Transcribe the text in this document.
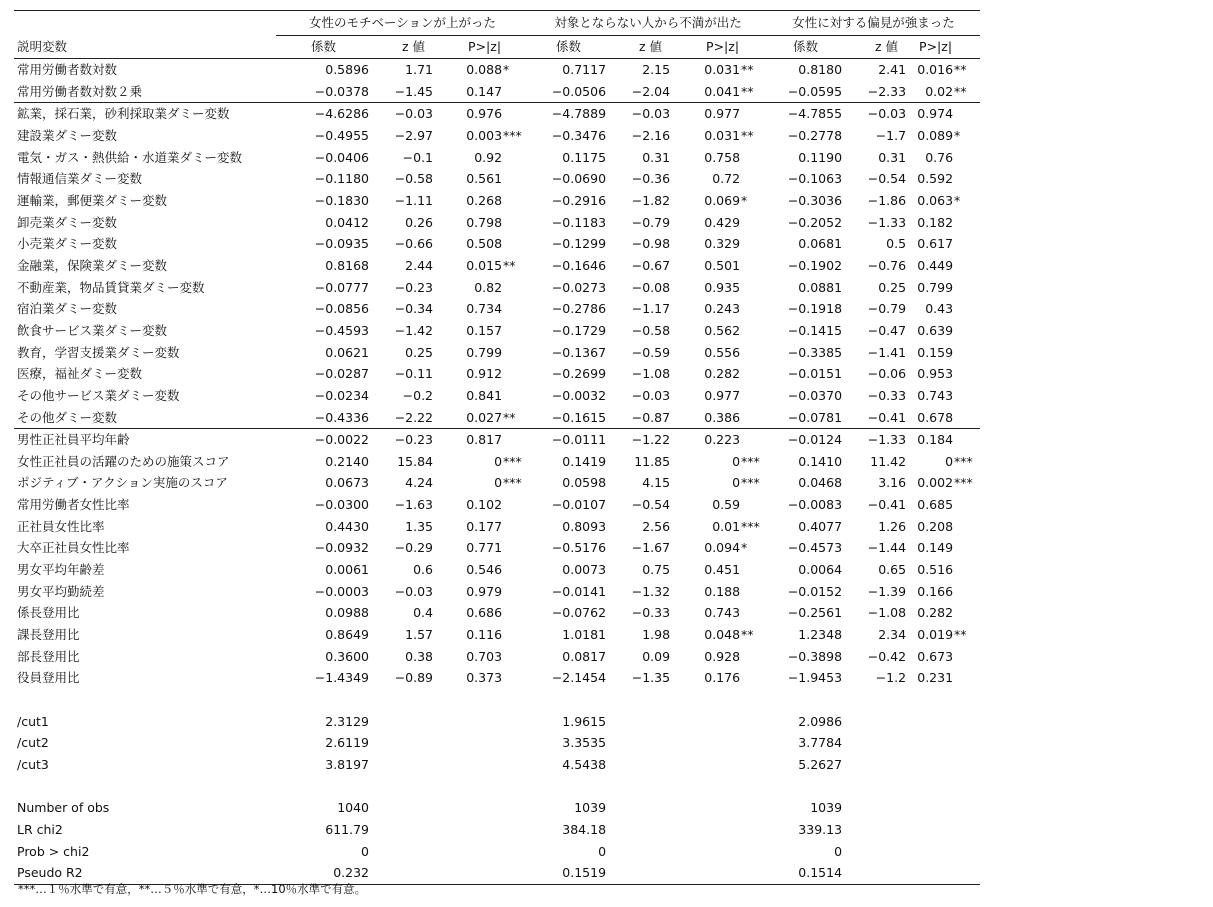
	女性のモチベーションが上がった			対象とならない人から不満が出た			女性に対する偏見が強まった		
説明変数	係数	z 値	P>|z|	係数	z 値	P>|z|	係数	z 値	P>|z|
常用労働者数対数	0.5896	1.71	0.088*	0.7117	2.15	0.031**	0.8180	2.41	0.016**
常用労働者数対数２乗	−0.0378	−1.45	0.147	−0.0506	−2.04	0.041**	−0.0595	−2.33	0.02**
鉱業，採石業，砂利採取業ダミー変数	−4.6286	−0.03	0.976	−4.7889	−0.03	0.977	−4.7855	−0.03	0.974
建設業ダミー変数	−0.4955	−2.97	0.003***	−0.3476	−2.16	0.031**	−0.2778	−1.7	0.089*
電気・ガス・熱供給・水道業ダミー変数	−0.0406	−0.1	0.92	0.1175	0.31	0.758	0.1190	0.31	0.76
情報通信業ダミー変数	−0.1180	−0.58	0.561	−0.0690	−0.36	0.72	−0.1063	−0.54	0.592
運輸業，郵便業ダミー変数	−0.1830	−1.11	0.268	−0.2916	−1.82	0.069*	−0.3036	−1.86	0.063*
卸売業ダミー変数	0.0412	0.26	0.798	−0.1183	−0.79	0.429	−0.2052	−1.33	0.182
小売業ダミー変数	−0.0935	−0.66	0.508	−0.1299	−0.98	0.329	0.0681	0.5	0.617
金融業，保険業ダミー変数	0.8168	2.44	0.015**	−0.1646	−0.67	0.501	−0.1902	−0.76	0.449
不動産業，物品賃貸業ダミー変数	−0.0777	−0.23	0.82	−0.0273	−0.08	0.935	0.0881	0.25	0.799
宿泊業ダミー変数	−0.0856	−0.34	0.734	−0.2786	−1.17	0.243	−0.1918	−0.79	0.43
飲食サービス業ダミー変数	−0.4593	−1.42	0.157	−0.1729	−0.58	0.562	−0.1415	−0.47	0.639
教育，学習支援業ダミー変数	0.0621	0.25	0.799	−0.1367	−0.59	0.556	−0.3385	−1.41	0.159
医療，福祉ダミー変数	−0.0287	−0.11	0.912	−0.2699	−1.08	0.282	−0.0151	−0.06	0.953
その他サービス業ダミー変数	−0.0234	−0.2	0.841	−0.0032	−0.03	0.977	−0.0370	−0.33	0.743
その他ダミー変数	−0.4336	−2.22	0.027**	−0.1615	−0.87	0.386	−0.0781	−0.41	0.678
男性正社員平均年齢	−0.0022	−0.23	0.817	−0.0111	−1.22	0.223	−0.0124	−1.33	0.184
女性正社員の活躍のための施策スコア	0.2140	15.84	0***	0.1419	11.85	0***	0.1410	11.42	0***
ポジティブ・アクション実施のスコア	0.0673	4.24	0***	0.0598	4.15	0***	0.0468	3.16	0.002***
常用労働者女性比率	−0.0300	−1.63	0.102	−0.0107	−0.54	0.59	−0.0083	−0.41	0.685
正社員女性比率	0.4430	1.35	0.177	0.8093	2.56	0.01***	0.4077	1.26	0.208
大卒正社員女性比率	−0.0932	−0.29	0.771	−0.5176	−1.67	0.094*	−0.4573	−1.44	0.149
男女平均年齢差	0.0061	0.6	0.546	0.0073	0.75	0.451	0.0064	0.65	0.516
男女平均勤続差	−0.0003	−0.03	0.979	−0.0141	−1.32	0.188	−0.0152	−1.39	0.166
係長登用比	0.0988	0.4	0.686	−0.0762	−0.33	0.743	−0.2561	−1.08	0.282
課長登用比	0.8649	1.57	0.116	1.0181	1.98	0.048**	1.2348	2.34	0.019**
部長登用比	0.3600	0.38	0.703	0.0817	0.09	0.928	−0.3898	−0.42	0.673
役員登用比	−1.4349	−0.89	0.373	−2.1454	−1.35	0.176	−1.9453	−1.2	0.231

/cut1	2.3129			1.9615			2.0986		
/cut2	2.6119			3.3535			3.7784		
/cut3	3.8197			4.5438			5.2627		

Number of obs	1040			1039			1039		
LR chi2	611.79			384.18			339.13		
Prob > chi2	0			0			0		
Pseudo R2	0.232			0.1519			0.1514		
***…１％水準で有意，**…５％水準で有意，*…10％水準で有意。
